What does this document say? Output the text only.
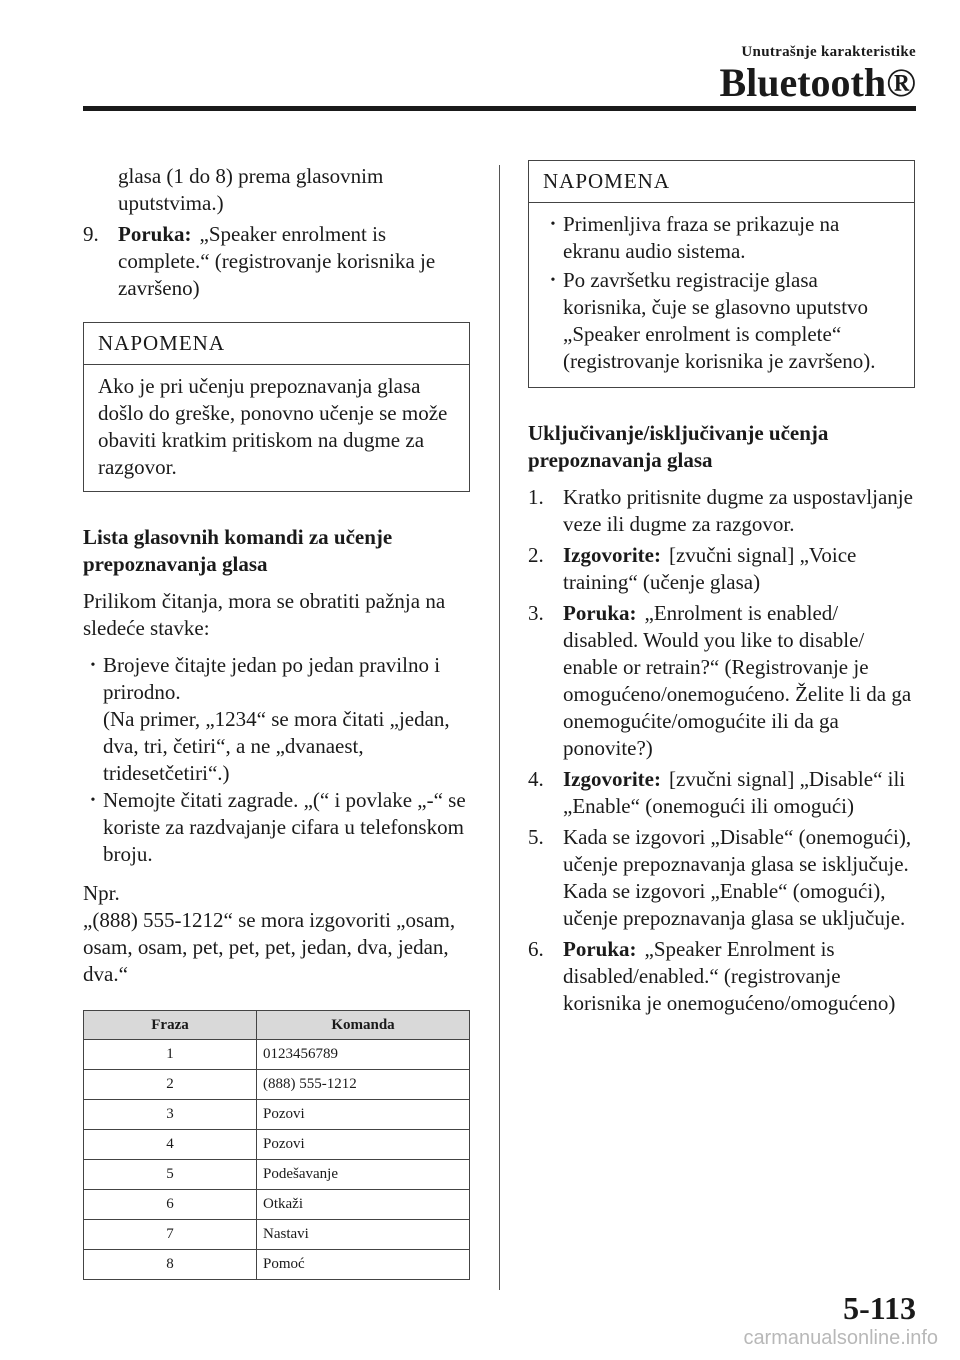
Unutrašnje karakteristike
Bluetooth®
glasa (1 do 8) prema glasovnim uputstvima.)
9. Poruka: „Speaker enrolment is complete.“ (registrovanje korisnika je završeno)
NAPOMENA
Ako je pri učenju prepoznavanja glasa došlo do greške, ponovno učenje se može obaviti kratkim pritiskom na dugme za razgovor.
Lista glasovnih komandi za učenje prepoznavanja glasa

Prilikom čitanja, mora se obratiti pažnja na sledeće stavke:

• Brojeve čitajte jedan po jedan pravilno i prirodno.
(Na primer, „1234“ se mora čitati „jedan, dva, tri, četiri“, a ne „dvanaest, tridesetčetiri“.)
• Nemojte čitati zagrade. „(“ i povlake „-“ se koriste za razdvajanje cifara u telefonskom broju.

Npr.
„(888) 555-1212“ se mora izgovoriti „osam, osam, osam, pet, pet, pet, jedan, dva, jedan, dva.“

Fraza	Komanda
1	0123456789
2	(888) 555-1212
3	Pozovi
4	Pozovi
5	Podešavanje
6	Otkaži
7	Nastavi
8	Pomoć
NAPOMENA
• Primenljiva fraza se prikazuje na ekranu audio sistema.
• Po završetku registracije glasa korisnika, čuje se glasovno uputstvo „Speaker enrolment is complete“ (registrovanje korisnika je završeno).
Uključivanje/isključivanje učenja prepoznavanja glasa
1. Kratko pritisnite dugme za uspostavljanje veze ili dugme za razgovor.
2. Izgovorite: [zvučni signal] „Voice training“ (učenje glasa)
3. Poruka: „Enrolment is enabled/ disabled. Would you like to disable/ enable or retrain?“ (Registrovanje je omogućeno/onemogućeno. Želite li da ga onemogućite/omogućite ili da ga ponovite?)
4. Izgovorite: [zvučni signal] „Disable“ ili „Enable“ (onemogući ili omogući)
5. Kada se izgovori „Disable“ (onemogući), učenje prepoznavanja glasa se isključuje.
Kada se izgovori „Enable“ (omogući), učenje prepoznavanja glasa se uključuje.
6. Poruka: „Speaker Enrolment is disabled/enabled.“ (registrovanje korisnika je onemogućeno/omogućeno)
5-113
carmanualsonline.info
